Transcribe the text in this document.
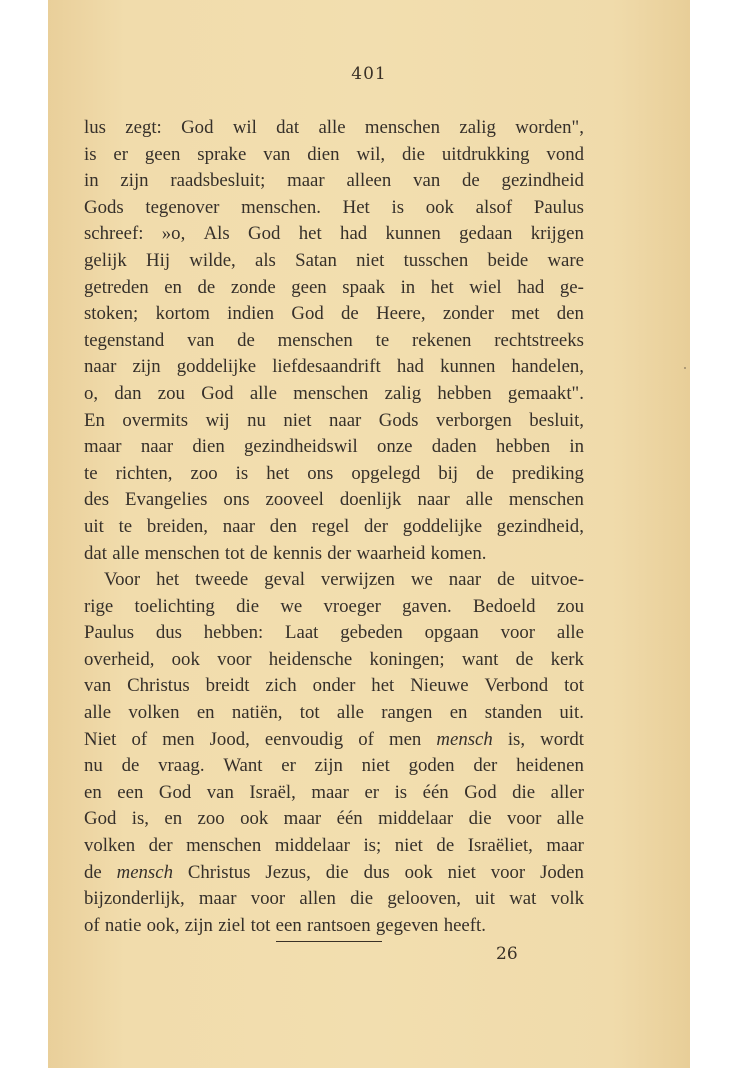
401
lus zegt: God wil dat alle menschen zalig worden",
is er geen sprake van dien wil, die uitdrukking vond
in zijn raadsbesluit; maar alleen van de gezindheid
Gods tegenover menschen. Het is ook alsof Paulus
schreef: »o, Als God het had kunnen gedaan krijgen
gelijk Hij wilde, als Satan niet tusschen beide ware
getreden en de zonde geen spaak in het wiel had ge-
stoken; kortom indien God de Heere, zonder met den
tegenstand van de menschen te rekenen rechtstreeks
naar zijn goddelijke liefdesaandrift had kunnen handelen,
o, dan zou God alle menschen zalig hebben gemaakt".
En overmits wij nu niet naar Gods verborgen besluit,
maar naar dien gezindheidswil onze daden hebben in
te richten, zoo is het ons opgelegd bij de prediking
des Evangelies ons zooveel doenlijk naar alle menschen
uit te breiden, naar den regel der goddelijke gezindheid,
dat alle menschen tot de kennis der waarheid komen.
Voor het tweede geval verwijzen we naar de uitvoe-
rige toelichting die we vroeger gaven. Bedoeld zou
Paulus dus hebben: Laat gebeden opgaan voor alle
overheid, ook voor heidensche koningen; want de kerk
van Christus breidt zich onder het Nieuwe Verbond tot
alle volken en natiën, tot alle rangen en standen uit.
Niet of men Jood, eenvoudig of men mensch is, wordt
nu de vraag. Want er zijn niet goden der heidenen
en een God van Israël, maar er is één God die aller
God is, en zoo ook maar één middelaar die voor alle
volken der menschen middelaar is; niet de Israëliet, maar
de mensch Christus Jezus, die dus ook niet voor Joden
bijzonderlijk, maar voor allen die gelooven, uit wat volk
of natie ook, zijn ziel tot een rantsoen gegeven heeft.
26
